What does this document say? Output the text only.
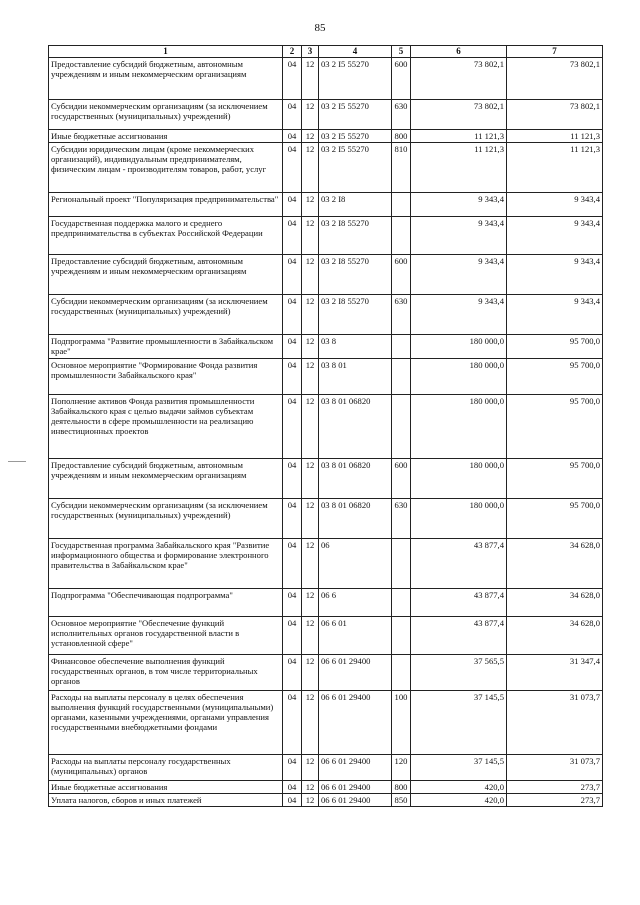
85
1	2	3	4	5	6	7
Предоставление субсидий бюджетным, автономным учреждениям и иным некоммерческим организациям	04	12	03 2 I5 55270	600	73 802,1	73 802,1
Субсидии некоммерческим организациям (за исключением государственных (муниципальных) учреждений)	04	12	03 2 I5 55270	630	73 802,1	73 802,1
Иные бюджетные ассигнования	04	12	03 2 I5 55270	800	11 121,3	11 121,3
Субсидии юридическим лицам (кроме некоммерческих организаций), индивидуальным предпринимателям, физическим лицам - производителям товаров, работ, услуг	04	12	03 2 I5 55270	810	11 121,3	11 121,3
Региональный проект "Популяризация предпринимательства"	04	12	03 2 I8		9 343,4	9 343,4
Государственная поддержка малого и среднего предпринимательства в субъектах Российской Федерации	04	12	03 2 I8 55270		9 343,4	9 343,4
Предоставление субсидий бюджетным, автономным учреждениям и иным некоммерческим организациям	04	12	03 2 I8 55270	600	9 343,4	9 343,4
Субсидии некоммерческим организациям (за исключением государственных (муниципальных) учреждений)	04	12	03 2 I8 55270	630	9 343,4	9 343,4
Подпрограмма "Развитие промышленности в Забайкальском крае"	04	12	03 8		180 000,0	95 700,0
Основное мероприятие "Формирование Фонда развития промышленности Забайкальского края"	04	12	03 8 01		180 000,0	95 700,0
Пополнение активов Фонда развития промышленности Забайкальского края с целью выдачи займов субъектам деятельности в сфере промышленности на реализацию инвестиционных проектов	04	12	03 8 01 06820		180 000,0	95 700,0
Предоставление субсидий бюджетным, автономным учреждениям и иным некоммерческим организациям	04	12	03 8 01 06820	600	180 000,0	95 700,0
Субсидии некоммерческим организациям (за исключением государственных (муниципальных) учреждений)	04	12	03 8 01 06820	630	180 000,0	95 700,0
Государственная программа Забайкальского края "Развитие информационного общества и формирование электронного правительства в Забайкальском крае"	04	12	06		43 877,4	34 628,0
Подпрограмма "Обеспечивающая подпрограмма"	04	12	06 6		43 877,4	34 628,0
Основное мероприятие "Обеспечение функций исполнительных органов государственной власти в установленной сфере"	04	12	06 6 01		43 877,4	34 628,0
Финансовое обеспечение выполнения функций государственных органов, в том числе территориальных органов	04	12	06 6 01 29400		37 565,5	31 347,4
Расходы на выплаты персоналу в целях обеспечения выполнения функций государственными (муниципальными) органами, казенными учреждениями, органами управления государственными внебюджетными фондами	04	12	06 6 01 29400	100	37 145,5	31 073,7
Расходы на выплаты персоналу государственных (муниципальных) органов	04	12	06 6 01 29400	120	37 145,5	31 073,7
Иные бюджетные ассигнования	04	12	06 6 01 29400	800	420,0	273,7
Уплата налогов, сборов и иных платежей	04	12	06 6 01 29400	850	420,0	273,7
